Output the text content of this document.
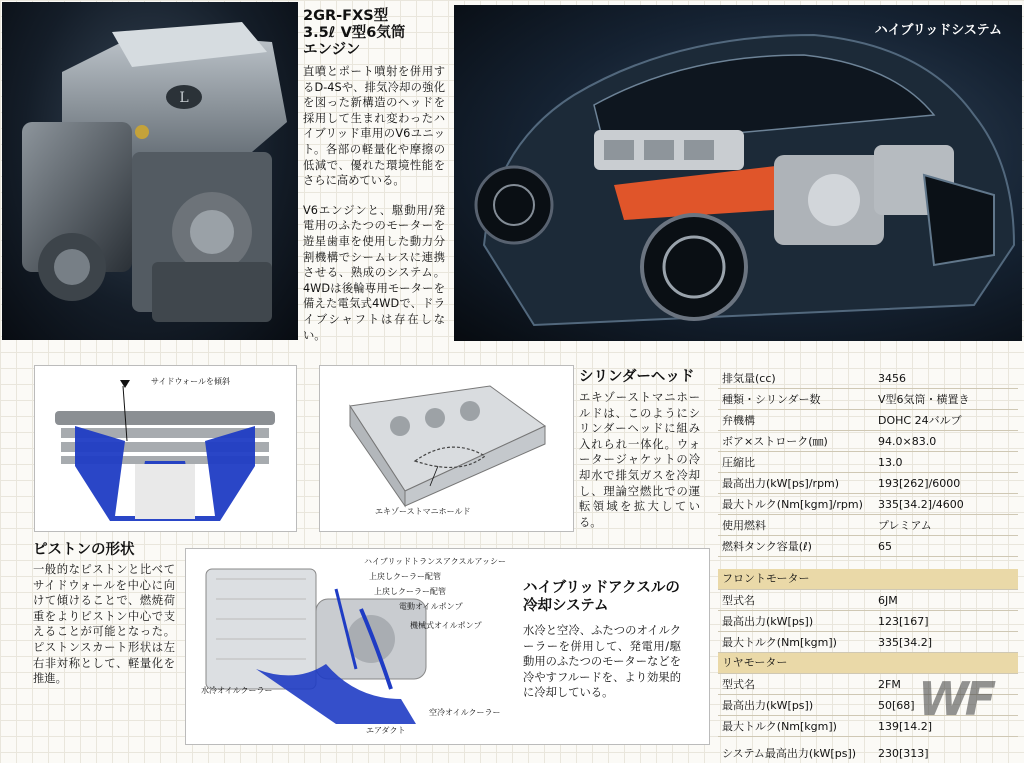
L

2GR-FXS型

3.5ℓ V型6気筒

エンジン

直噴とポート噴射を併用するD-4Sや、排気冷却の強化を図った新構造のヘッドを採用して生まれ変わったハイブリッド車用のV6ユニット。各部の軽量化や摩擦の低減で、優れた環境性能をさらに高めている。

V6エンジンと、駆動用/発電用のふたつのモーターを遊星歯車を使用した動力分割機構でシームレスに連携させる、熟成のシステム。4WDは後輪専用モーターを備えた電気式4WDで、ドライブシャフトは存在しない。

ハイブリッドシステム
サイドウォールを傾斜
エキゾーストマニホールド

シリンダーヘッド

エキゾーストマニホールドは、このようにシリンダーヘッドに組み入れられ一体化。ウォータージャケットの冷却水で排気ガスを冷却し、理論空燃比での運転領域を拡大している。

ピストンの形状

一般的なピストンと比べてサイドウォールを中心に向けて傾けることで、燃焼荷重をよりピストン中心で支えることが可能となった。ピストンスカート形状は左右非対称として、軽量化を推進。

ハイブリッドトランスアクスルアッシー
上戻しクーラー配管
上戻しクーラー配管
電動オイルポンプ
機械式オイルポンプ
水冷オイルクーラー
空冷オイルクーラー
エアダクト

ハイブリッドアクスルの

冷却システム

水冷と空冷、ふたつのオイルクーラーを併用して、発電用/駆動用のふたつのモーターなどを冷やすフルードを、より効果的に冷却している。

排気量(cc)	3456
種類・シリンダー数	V型6気筒・横置き
弁機構	DOHC 24バルブ
ボア×ストローク(㎜)	94.0×83.0
圧縮比	13.0
最高出力(kW[ps]/rpm)	193[262]/6000
最大トルク(Nm[kgm]/rpm)	335[34.2]/4600
使用燃料	プレミアム
燃料タンク容量(ℓ)	65
フロントモーター
型式名	6JM
最高出力(kW[ps])	123[167]
最大トルク(Nm[kgm])	335[34.2]
リヤモーター
型式名	2FM
最高出力(kW[ps])	50[68]
最大トルク(Nm[kgm])	139[14.2]
システム最高出力(kW[ps])	230[313]
WF
